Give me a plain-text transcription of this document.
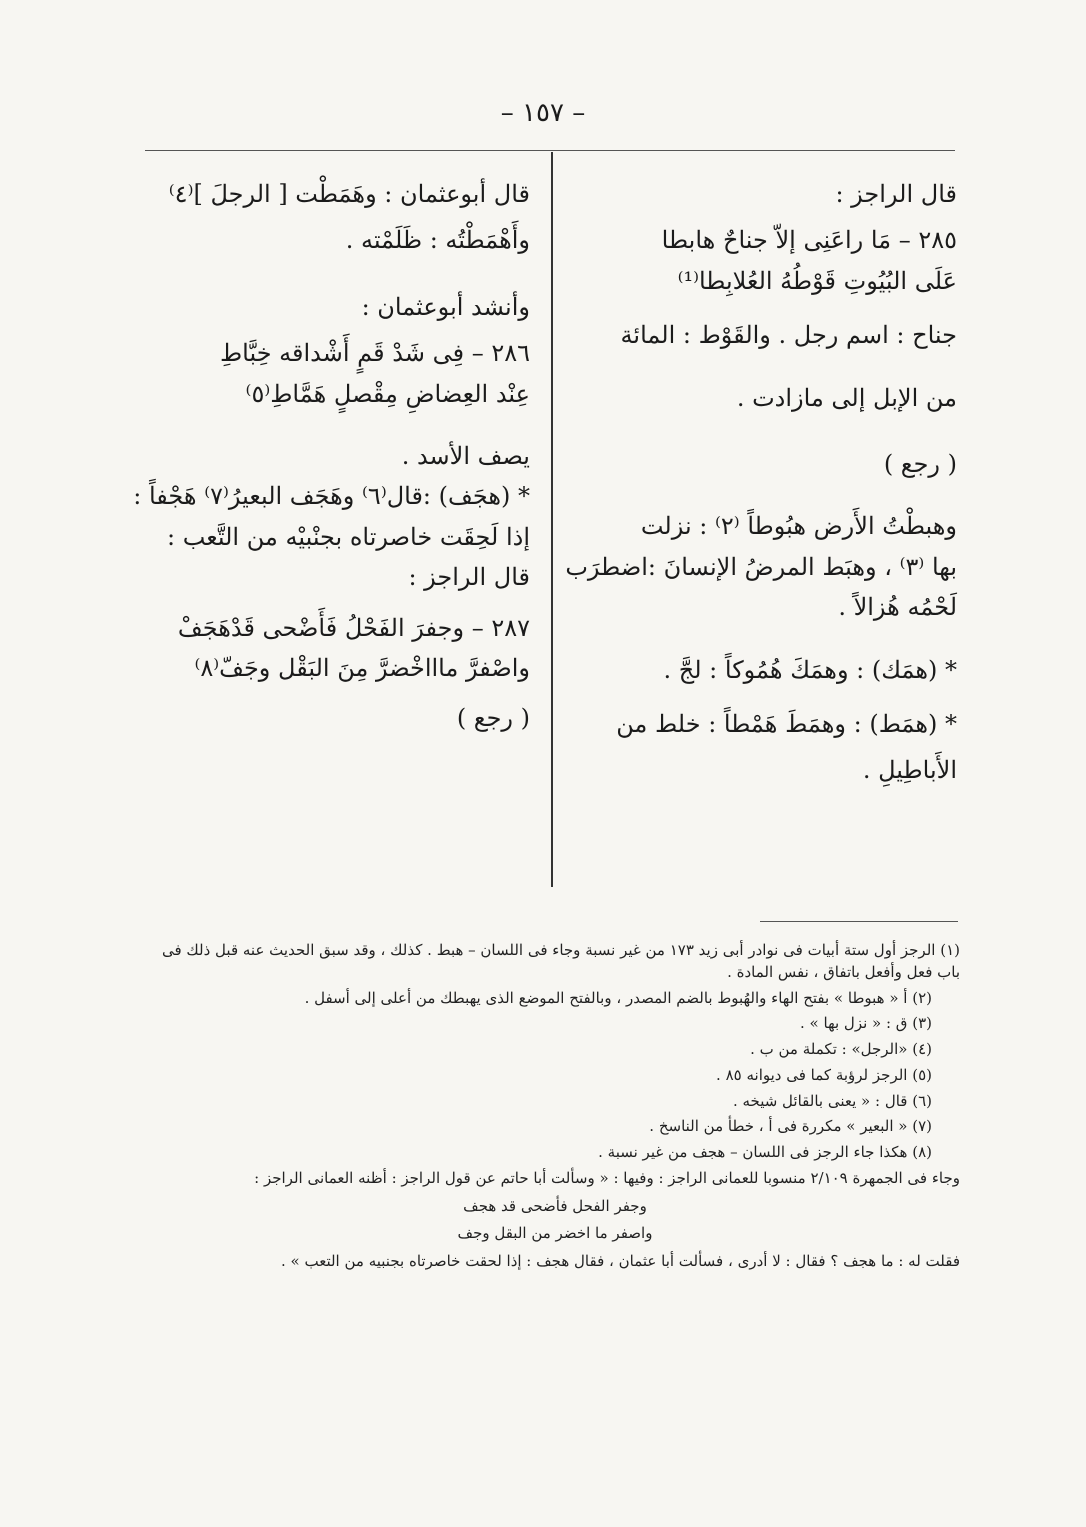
– ١٥٧ –
قال الراجز :
٢٨٥ – مَا راعَنِى إلاّ جناحٌ هابطا
عَلَى البُيُوتِ قَوْطُهُ العُلابِطا⁽¹⁾
جناح : اسم رجل . والقَوْط : المائة
من الإبل إلى مازادت .
( رجع )
وهبطْتُ الأَرض هبُوطاً ⁽٢⁾ : نزلت
بها ⁽٣⁾ ، وهبَط المرضُ الإنسانَ :اضطرَب
لَحْمُه هُزالاً .
* (همَك) : وهمَكَ هُمُوكاً : لجَّ .
* (همَط) : وهمَطَ هَمْطاً : خلط من
الأَباطِيلِ .
قال أبوعثمان : وهَمَطْت [ الرجلَ ]⁽٤⁾
وأَهْمَطْتُه : ظَلَمْته .
وأنشد أبوعثمان :
٢٨٦ – فِى شَدْ قَمٍ أَشْداقه خِبَّاطِ
عِنْد العِضاضِ مِقْصلٍ هَمَّاطِ⁽٥⁾
يصف الأسد .
* (هجَف) :قال⁽٦⁾ وهَجَف البعيرُ⁽٧⁾ هَجْفاً :
إذا لَحِقَت خاصرتاه بجنْبيْه من التَّعب :
قال الراجز :
٢٨٧ – وجفرَ الفَحْلُ فَأَضْحى قَدْهَجَفْ
واصْفرَّ ماااخْضرَّ مِنَ البَقْل وجَفّ⁽٨⁾
( رجع )
(١) الرجز أول ستة أبيات فى نوادر أبى زيد ١٧٣ من غير نسبة وجاء فى اللسان – هبط . كذلك ، وقد سبق الحديث عنه قبل ذلك فى باب فعل وأفعل باتفاق ، نفس المادة .
(٢) أ « هبوطا » بفتح الهاء والهُبوط بالضم المصدر ، وبالفتح الموضع الذى يهبطك من أعلى إلى أسفل .
(٣) ق : « نزل بها » .
(٤) «الرجل» : تكملة من ب .
(٥) الرجز لرؤبة كما فى ديوانه ٨٥ .
(٦) قال : « يعنى بالقائل شيخه .
(٧) « البعير » مكررة فى أ ، خطأ من الناسخ .
(٨) هكذا جاء الرجز فى اللسان – هجف من غير نسبة .
وجاء فى الجمهرة ٢/١٠٩ منسوبا للعمانى الراجز : وفيها : « وسألت أبا حاتم عن قول الراجز : أظنه العمانى الراجز :
وجفر الفحل فأضحى قد هجف
واصفر ما اخضر من البقل وجف
فقلت له : ما هجف ؟ فقال : لا أدرى ، فسألت أبا عثمان ، فقال هجف : إذا لحقت خاصرتاه بجنبيه من التعب » .
